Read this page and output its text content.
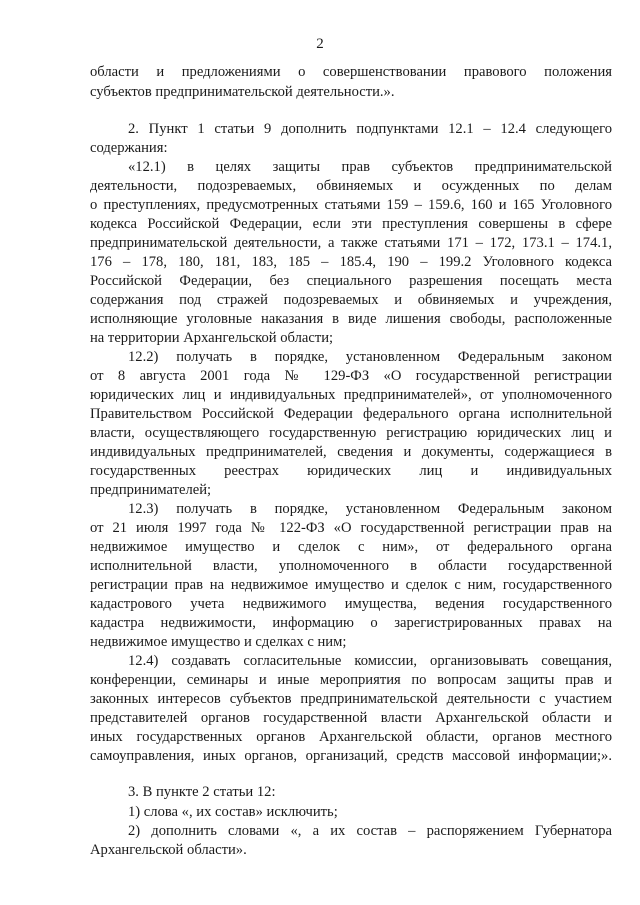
2
области и предложениями о совершенствовании правового положения
субъектов предпринимательской деятельности.».
2. Пункт 1 статьи 9 дополнить подпунктами 12.1 – 12.4 следующего
содержания:
«12.1) в целях защиты прав субъектов предпринимательской
деятельности, подозреваемых, обвиняемых и осужденных по делам
о преступлениях, предусмотренных статьями 159 – 159.6, 160 и 165 Уголовного
кодекса Российской Федерации, если эти преступления совершены в сфере
предпринимательской деятельности, а также статьями 171 – 172, 173.1 – 174.1,
176 – 178, 180, 181, 183, 185 – 185.4, 190 – 199.2 Уголовного кодекса
Российской Федерации, без специального разрешения посещать места
содержания под стражей подозреваемых и обвиняемых и учреждения,
исполняющие уголовные наказания в виде лишения свободы, расположенные
на территории Архангельской области;
12.2) получать в порядке, установленном Федеральным законом
от 8 августа 2001 года № 129-ФЗ «О государственной регистрации
юридических лиц и индивидуальных предпринимателей», от уполномоченного
Правительством Российской Федерации федерального органа исполнительной
власти, осуществляющего государственную регистрацию юридических лиц и
индивидуальных предпринимателей, сведения и документы, содержащиеся в
государственных реестрах юридических лиц и индивидуальных
предпринимателей;
12.3) получать в порядке, установленном Федеральным законом
от 21 июля 1997 года № 122-ФЗ «О государственной регистрации прав на
недвижимое имущество и сделок с ним», от федерального органа
исполнительной власти, уполномоченного в области государственной
регистрации прав на недвижимое имущество и сделок с ним, государственного
кадастрового учета недвижимого имущества, ведения государственного
кадастра недвижимости, информацию о зарегистрированных правах на
недвижимое имущество и сделках с ним;
12.4) создавать согласительные комиссии, организовывать совещания,
конференции, семинары и иные мероприятия по вопросам защиты прав и
законных интересов субъектов предпринимательской деятельности с участием
представителей органов государственной власти Архангельской области и
иных государственных органов Архангельской области, органов местного
самоуправления, иных органов, организаций, средств массовой информации;».
3. В пункте 2 статьи 12:
1) слова «, их состав» исключить;
2) дополнить словами «, а их состав – распоряжением Губернатора
Архангельской области».
